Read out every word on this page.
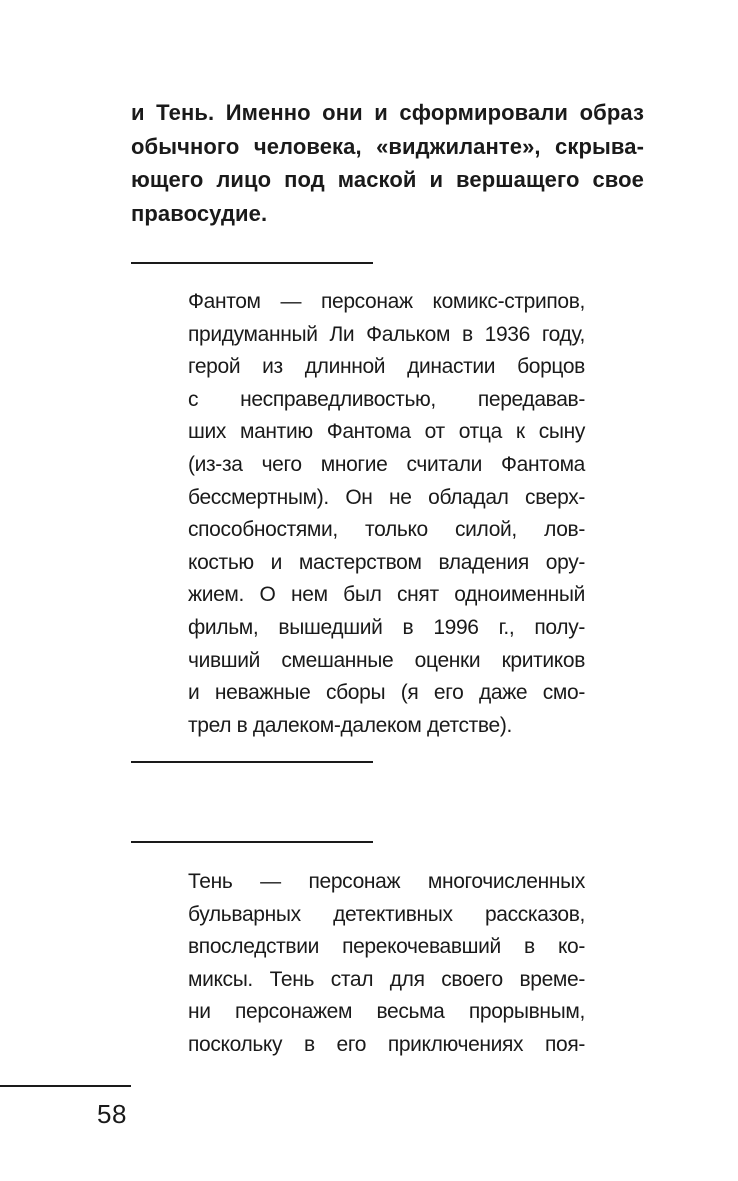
и Тень. Именно они и сформировали образ
обычного человека, «виджиланте», скрыва-
ющего лицо под маской и вершащего свое
правосудие.

Фантом — персонаж комикс-стрипов,
придуманный Ли Фальком в 1936 году,
герой из длинной династии борцов
с несправедливостью, передавав-
ших мантию Фантома от отца к сыну
(из-за чего многие считали Фантома
бессмертным). Он не обладал сверх-
способностями, только силой, лов-
костью и мастерством владения ору-
жием. О нем был снят одноименный
фильм, вышедший в 1996 г., полу-
чивший смешанные оценки критиков
и неважные сборы (я его даже смо-
трел в далеком-далеком детстве).

Тень — персонаж многочисленных
бульварных детективных рассказов,
впоследствии перекочевавший в ко-
миксы. Тень стал для своего време-
ни персонажем весьма прорывным,
поскольку в его приключениях поя-

58
